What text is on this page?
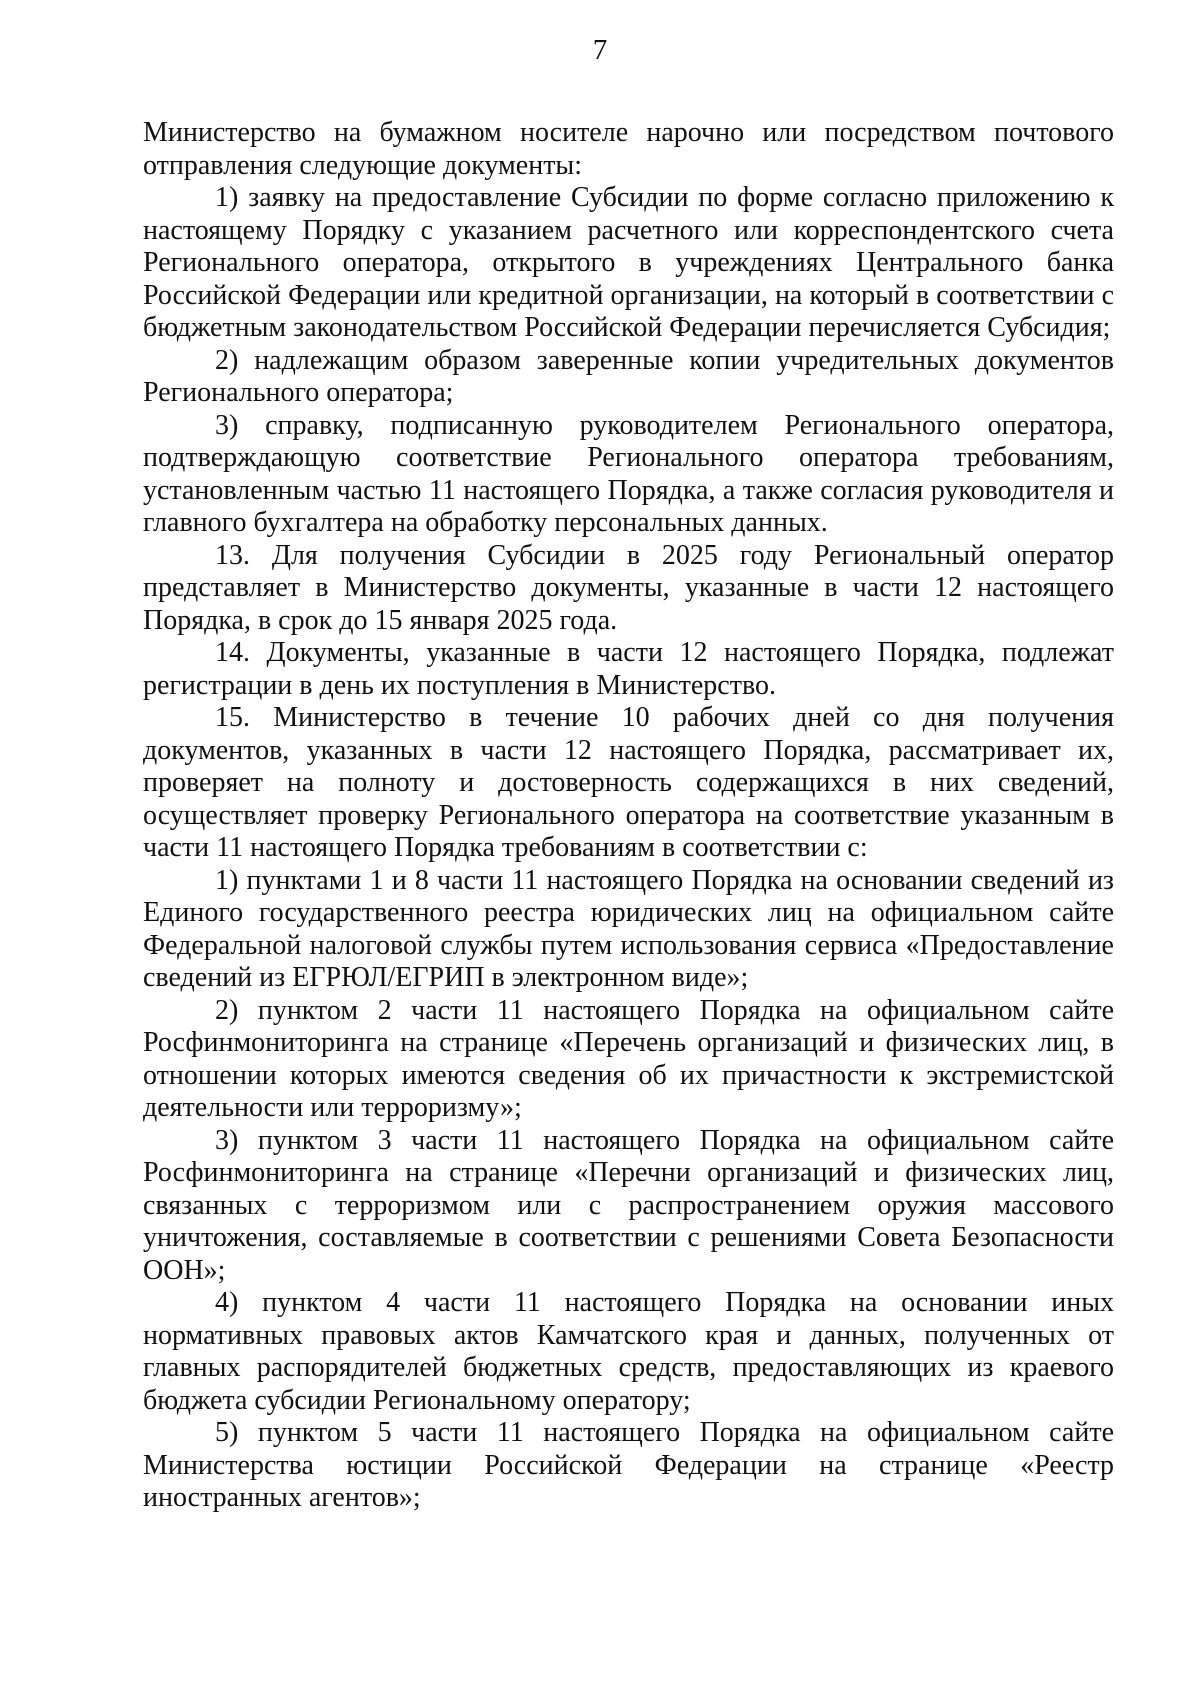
7

Министерство на бумажном носителе нарочно или посредством почтового отправления следующие документы:

1) заявку на предоставление Субсидии по форме согласно приложению к настоящему Порядку с указанием расчетного или корреспондентского счета Регионального оператора, открытого в учреждениях Центрального банка Российской Федерации или кредитной организации, на который в соответствии с бюджетным законодательством Российской Федерации перечисляется Субсидия;

2) надлежащим образом заверенные копии учредительных документов Регионального оператора;

3) справку, подписанную руководителем Регионального оператора, подтверждающую соответствие Регионального оператора требованиям, установленным частью 11 настоящего Порядка, а также согласия руководителя и главного бухгалтера на обработку персональных данных.

13. Для получения Субсидии в 2025 году Региональный оператор представляет в Министерство документы, указанные в части 12 настоящего Порядка, в срок до 15 января 2025 года.

14. Документы, указанные в части 12 настоящего Порядка, подлежат регистрации в день их поступления в Министерство.

15. Министерство в течение 10 рабочих дней со дня получения документов, указанных в части 12 настоящего Порядка, рассматривает их, проверяет на полноту и достоверность содержащихся в них сведений, осуществляет проверку Регионального оператора на соответствие указанным в части 11 настоящего Порядка требованиям в соответствии с:

1) пунктами 1 и 8 части 11 настоящего Порядка на основании сведений из Единого государственного реестра юридических лиц на официальном сайте Федеральной налоговой службы путем использования сервиса «Предоставление сведений из ЕГРЮЛ/ЕГРИП в электронном виде»;

2) пунктом 2 части 11 настоящего Порядка на официальном сайте Росфинмониторинга на странице «Перечень организаций и физических лиц, в отношении которых имеются сведения об их причастности к экстремистской деятельности или терроризму»;

3) пунктом 3 части 11 настоящего Порядка на официальном сайте Росфинмониторинга на странице «Перечни организаций и физических лиц, связанных с терроризмом или с распространением оружия массового уничтожения, составляемые в соответствии с решениями Совета Безопасности ООН»;

4) пунктом 4 части 11 настоящего Порядка на основании иных нормативных правовых актов Камчатского края и данных, полученных от главных распорядителей бюджетных средств, предоставляющих из краевого бюджета субсидии Региональному оператору;

5) пунктом 5 части 11 настоящего Порядка на официальном сайте Министерства юстиции Российской Федерации на странице «Реестр иностранных агентов»;
